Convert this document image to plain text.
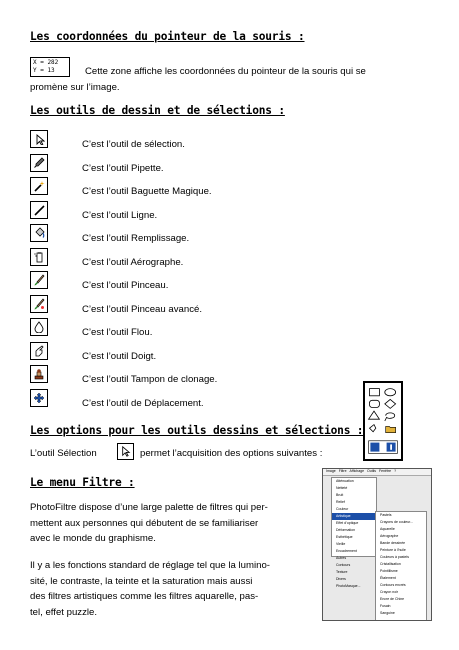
Les coordonnées du pointeur de la souris :
X = 282
Y = 13	Cette zone affiche les coordonnées du pointeur de la souris qui se
promène sur l’image.
Les outils de dessin et de sélections :
C’est l’outil de sélection.
C’est l’outil Pipette.
C’est l’outil Baguette Magique.
C’est l’outil Ligne.
C’est l’outil Remplissage.
C’est l’outil Aérographe.
C’est l’outil Pinceau.
C’est l’outil Pinceau avancé.
C’est l’outil Flou.
C’est l’outil Doigt.
C’est l’outil Tampon de clonage.
C’est l’outil de Déplacement.
Les options pour les outils dessins et sélections :
L’outil Sélection	permet l’acquisition des options suivantes :
Le menu Filtre :
PhotoFiltre dispose d’une large palette de filtres qui per-
mettent aux personnes qui débutent de se familiariser
avec le monde du graphisme.
Il y a les fonctions standard de réglage tel que la lumino-
sité, le contraste, la teinte et la saturation mais aussi
des filtres artistiques comme les filtres aquarelle, pas-
tel, effet puzzle.
Image Filtre Affichage Outils Fenêtre ?
Atténuation
Netteté
Bruit
Relief
Couleur
Artistique
Effet d’optique
Déformation
Esthétique
Vieille
Encadrement
Autres
Contours
Texture
Divers
PhotoMasque...
Pastels
Crayons de couleur...
Aquarelle
Aérographe
Bande dessinée
Peinture à l’huile
Couleurs à pastels
Cristallisation
Pointillisme
Étalement
Contours encrés
Crayon noir
Encre de Chine
Fusain
Sanguine
